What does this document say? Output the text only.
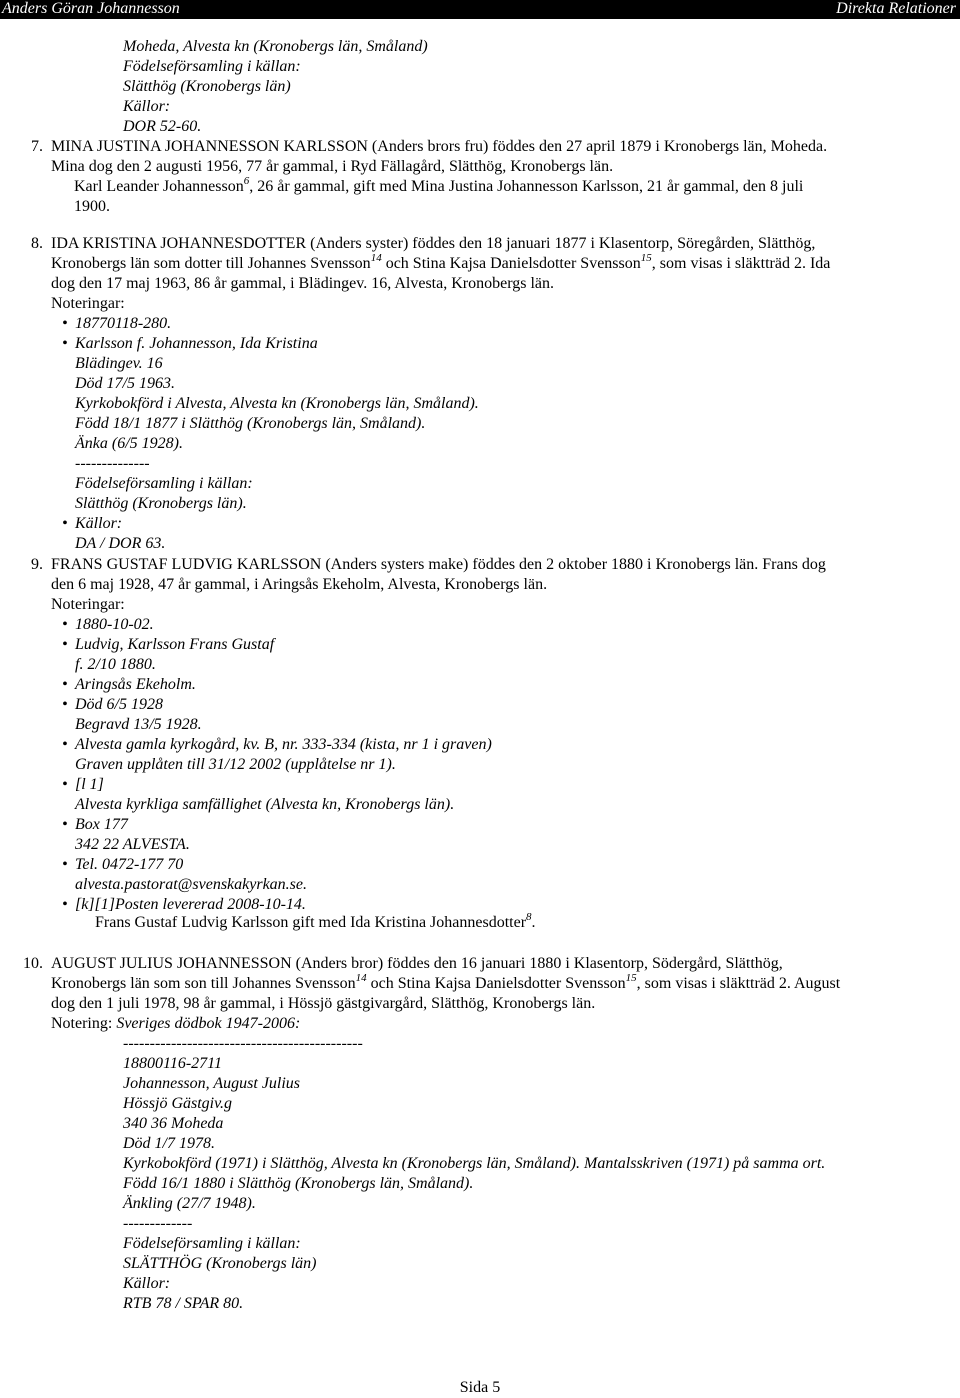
Anders Göran Johannesson	Direkta Relationer
Moheda, Alvesta kn (Kronobergs län, Småland)
Födelseförsamling i källan:
Slätthög (Kronobergs län)
Källor:
DOR 52-60.
7. MINA JUSTINA JOHANNESSON KARLSSON (Anders brors fru) föddes den 27 april 1879 i Kronobergs län, Moheda.
Mina dog den 2 augusti 1956, 77 år gammal, i Ryd Fällagård, Slätthög, Kronobergs län.
Karl Leander Johannesson$^6$, 26 år gammal, gift med Mina Justina Johannesson Karlsson, 21 år gammal, den 8 juli
1900.
8. IDA KRISTINA JOHANNESDOTTER (Anders syster) föddes den 18 januari 1877 i Klasentorp, Söregården, Slätthög,
Kronobergs län som dotter till Johannes Svensson$^{14}$ och Stina Kajsa Danielsdotter Svensson$^{15}$, som visas i släktträd 2. Ida
dog den 17 maj 1963, 86 år gammal, i Blädingev. 16, Alvesta, Kronobergs län.
Noteringar:
• 18770118-280.
• Karlsson f. Johannesson, Ida Kristina
Blädingev. 16
Död 17/5 1963.
Kyrkobokförd i Alvesta, Alvesta kn (Kronobergs län, Småland).
Född 18/1 1877 i Slätthög (Kronobergs län, Småland).
Änka (6/5 1928).
--------------
Födelseförsamling i källan:
Slätthög (Kronobergs län).
• Källor:
DA / DOR 63.
9. FRANS GUSTAF LUDVIG KARLSSON (Anders systers make) föddes den 2 oktober 1880 i Kronobergs län. Frans dog
den 6 maj 1928, 47 år gammal, i Aringsås Ekeholm, Alvesta, Kronobergs län.
Noteringar:
• 1880-10-02.
• Ludvig, Karlsson Frans Gustaf
f. 2/10 1880.
• Aringsås Ekeholm.
• Död 6/5 1928
Begravd 13/5 1928.
• Alvesta gamla kyrkogård, kv. B, nr. 333-334 (kista, nr 1 i graven)
Graven upplåten till 31/12 2002 (upplåtelse nr 1).
• [l 1]
Alvesta kyrkliga samfällighet (Alvesta kn, Kronobergs län).
• Box 177
342 22 ALVESTA.
• Tel. 0472-177 70
alvesta.pastorat@svenskakyrkan.se.
• [k][1]Posten levererad 2008-10-14.
Frans Gustaf Ludvig Karlsson gift med Ida Kristina Johannesdotter$^8$.
10. AUGUST JULIUS JOHANNESSON (Anders bror) föddes den 16 januari 1880 i Klasentorp, Södergård, Slätthög,
Kronobergs län som son till Johannes Svensson$^{14}$ och Stina Kajsa Danielsdotter Svensson$^{15}$, som visas i släktträd 2. August
dog den 1 juli 1978, 98 år gammal, i Hössjö gästgivargård, Slätthög, Kronobergs län.
Notering: Sveriges dödbok 1947-2006:
---------------------------------------------
18800116-2711
Johannesson, August Julius
Hössjö Gästgiv.g
340 36 Moheda
Död 1/7 1978.
Kyrkobokförd (1971) i Slätthög, Alvesta kn (Kronobergs län, Småland). Mantalsskriven (1971) på samma ort.
Född 16/1 1880 i Slätthög (Kronobergs län, Småland).
Änkling (27/7 1948).
-------------
Födelseförsamling i källan:
SLÄTTHÖG (Kronobergs län)
Källor:
RTB 78 / SPAR 80.
Sida 5
